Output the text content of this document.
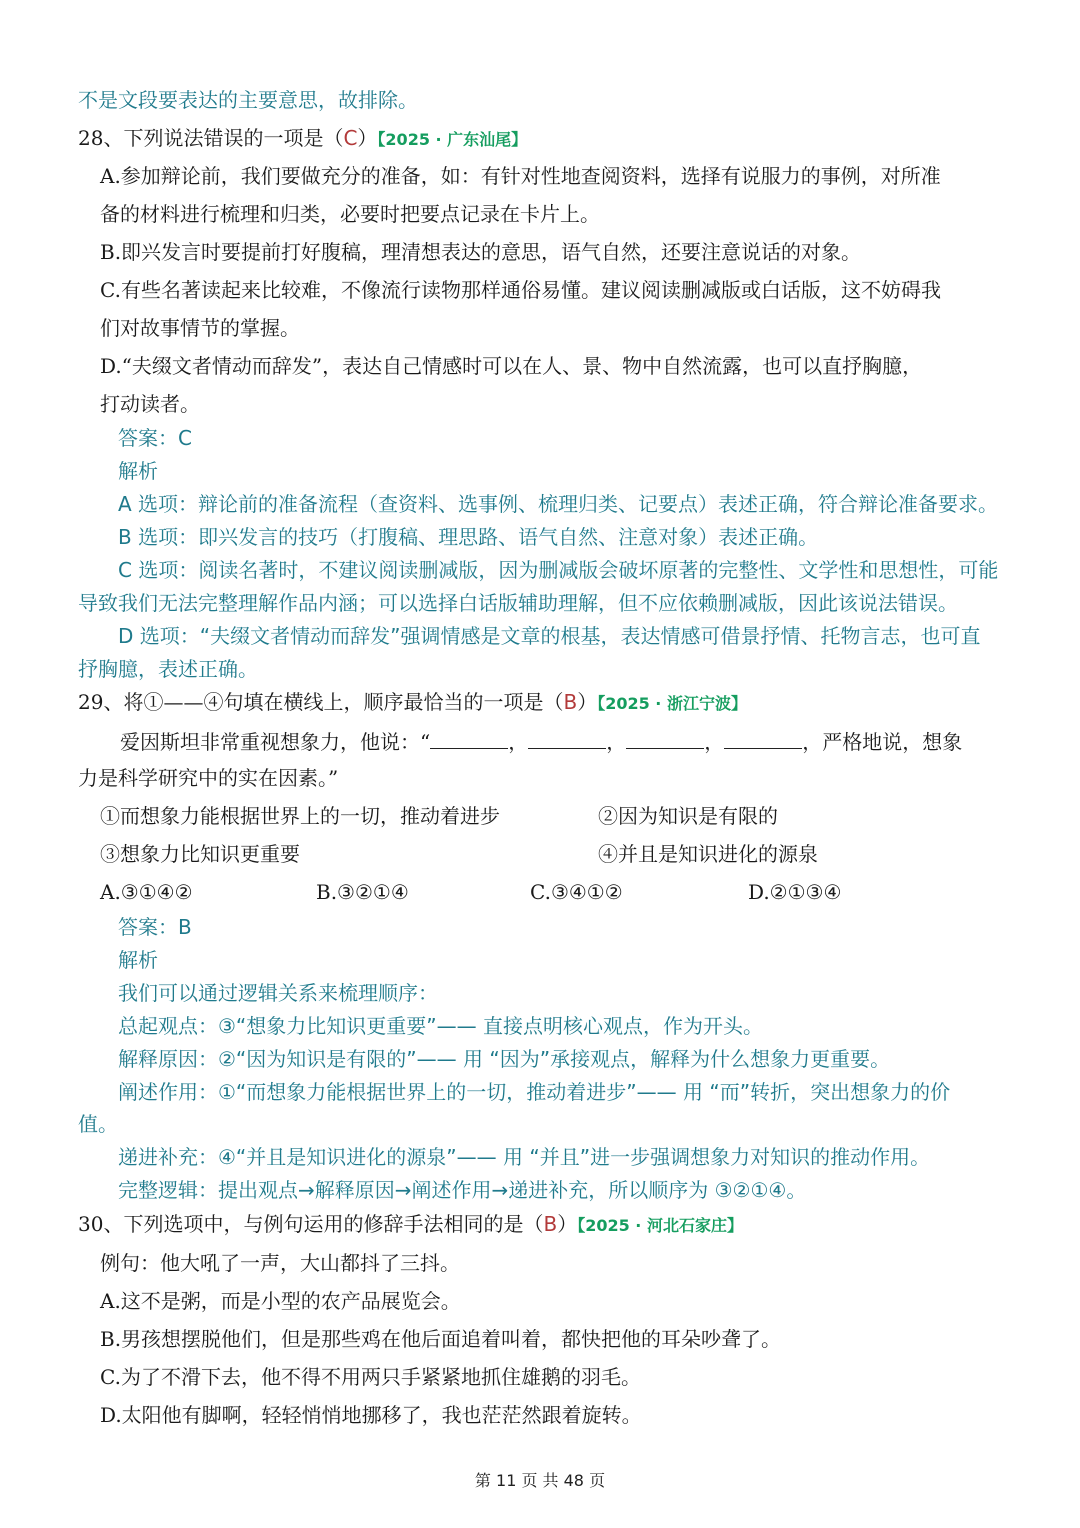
不是文段要表达的主要意思，故排除。
28、下列说法错误的一项是（C）【2025 · 广东汕尾】
A.参加辩论前，我们要做充分的准备，如：有针对性地查阅资料，选择有说服力的事例，对所准
备的材料进行梳理和归类，必要时把要点记录在卡片上。
B.即兴发言时要提前打好腹稿，理清想表达的意思，语气自然，还要注意说话的对象。
C.有些名著读起来比较难，不像流行读物那样通俗易懂。建议阅读删减版或白话版，这不妨碍我
们对故事情节的掌握。
D.“夫缀文者情动而辞发”，表达自己情感时可以在人、景、物中自然流露，也可以直抒胸臆，
打动读者。
答案：C
解析
A 选项：辩论前的准备流程（查资料、选事例、梳理归类、记要点）表述正确，符合辩论准备要求。
B 选项：即兴发言的技巧（打腹稿、理思路、语气自然、注意对象）表述正确。
C 选项：阅读名著时，不建议阅读删减版，因为删减版会破坏原著的完整性、文学性和思想性，可能
导致我们无法完整理解作品内涵；可以选择白话版辅助理解，但不应依赖删减版，因此该说法错误。
D 选项：“夫缀文者情动而辞发”强调情感是文章的根基，表达情感可借景抒情、托物言志，也可直
抒胸臆，表述正确。
29、将①——④句填在横线上，顺序最恰当的一项是（B）【2025 · 浙江宁波】
爱因斯坦非常重视想象力，他说：“	，	，	，	，严格地说，想象
力是科学研究中的实在因素。”
①而想象力能根据世界上的一切，推动着进步	②因为知识是有限的
③想象力比知识更重要	④并且是知识进化的源泉
A.③①④②	B.③②①④	C.③④①②	D.②①③④
答案：B
解析
我们可以通过逻辑关系来梳理顺序：
总起观点：③“想象力比知识更重要”—— 直接点明核心观点，作为开头。
解释原因：②“因为知识是有限的”—— 用 “因为”承接观点，解释为什么想象力更重要。
阐述作用：①“而想象力能根据世界上的一切，推动着进步”—— 用 “而”转折，突出想象力的价
值。
递进补充：④“并且是知识进化的源泉”—— 用 “并且”进一步强调想象力对知识的推动作用。
完整逻辑：提出观点→解释原因→阐述作用→递进补充，所以顺序为 ③②①④。
30、下列选项中，与例句运用的修辞手法相同的是（B）【2025 · 河北石家庄】
例句：他大吼了一声，大山都抖了三抖。
A.这不是粥，而是小型的农产品展览会。
B.男孩想摆脱他们，但是那些鸡在他后面追着叫着，都快把他的耳朵吵聋了。
C.为了不滑下去，他不得不用两只手紧紧地抓住雄鹅的羽毛。
D.太阳他有脚啊，轻轻悄悄地挪移了，我也茫茫然跟着旋转。
第 11 页 共 48 页
